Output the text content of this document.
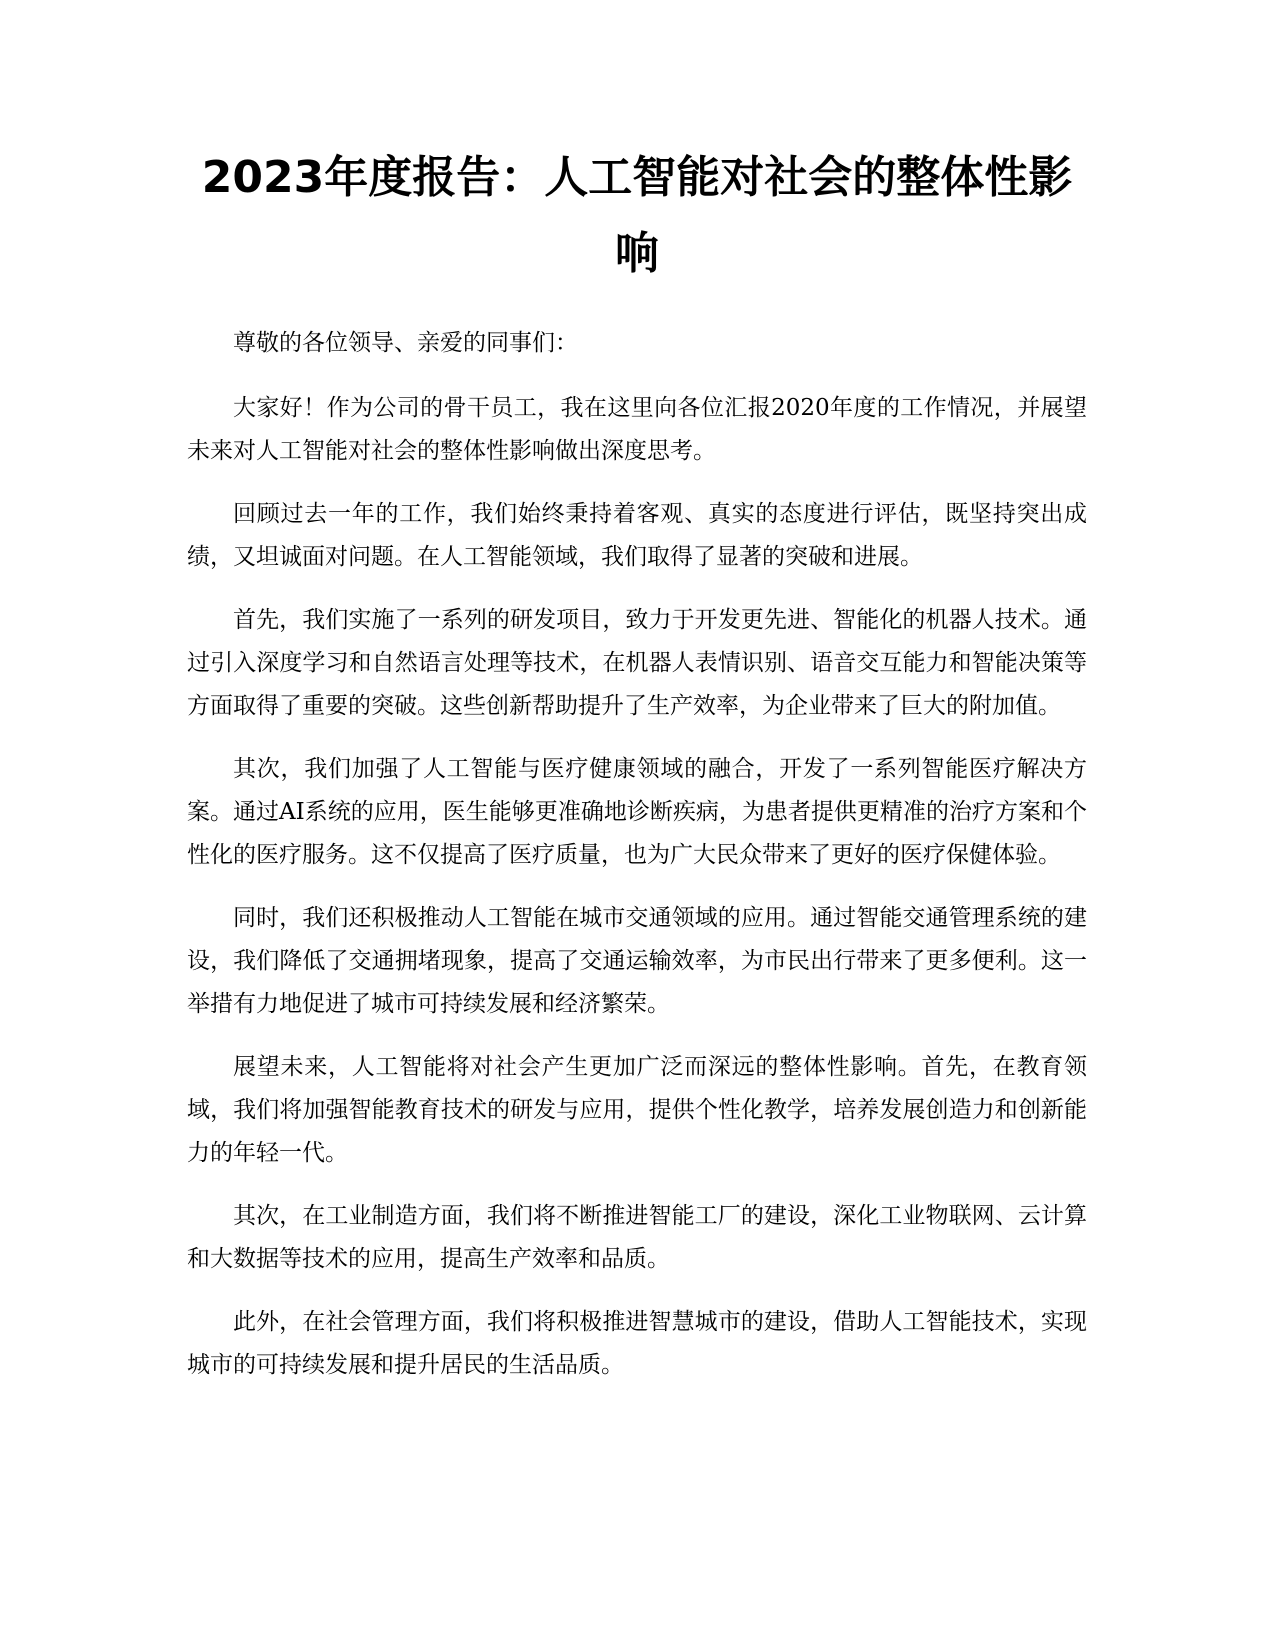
2023年度报告：人工智能对社会的整体性影响

尊敬的各位领导、亲爱的同事们：

大家好！作为公司的骨干员工，我在这里向各位汇报2020年度的工作情况，并展望未来对人工智能对社会的整体性影响做出深度思考。

回顾过去一年的工作，我们始终秉持着客观、真实的态度进行评估，既坚持突出成绩，又坦诚面对问题。在人工智能领域，我们取得了显著的突破和进展。

首先，我们实施了一系列的研发项目，致力于开发更先进、智能化的机器人技术。通过引入深度学习和自然语言处理等技术，在机器人表情识别、语音交互能力和智能决策等方面取得了重要的突破。这些创新帮助提升了生产效率，为企业带来了巨大的附加值。

其次，我们加强了人工智能与医疗健康领域的融合，开发了一系列智能医疗解决方案。通过AI系统的应用，医生能够更准确地诊断疾病，为患者提供更精准的治疗方案和个性化的医疗服务。这不仅提高了医疗质量，也为广大民众带来了更好的医疗保健体验。

同时，我们还积极推动人工智能在城市交通领域的应用。通过智能交通管理系统的建设，我们降低了交通拥堵现象，提高了交通运输效率，为市民出行带来了更多便利。这一举措有力地促进了城市可持续发展和经济繁荣。

展望未来，人工智能将对社会产生更加广泛而深远的整体性影响。首先，在教育领域，我们将加强智能教育技术的研发与应用，提供个性化教学，培养发展创造力和创新能力的年轻一代。

其次，在工业制造方面，我们将不断推进智能工厂的建设，深化工业物联网、云计算和大数据等技术的应用，提高生产效率和品质。

此外，在社会管理方面，我们将积极推进智慧城市的建设，借助人工智能技术，实现城市的可持续发展和提升居民的生活品质。
